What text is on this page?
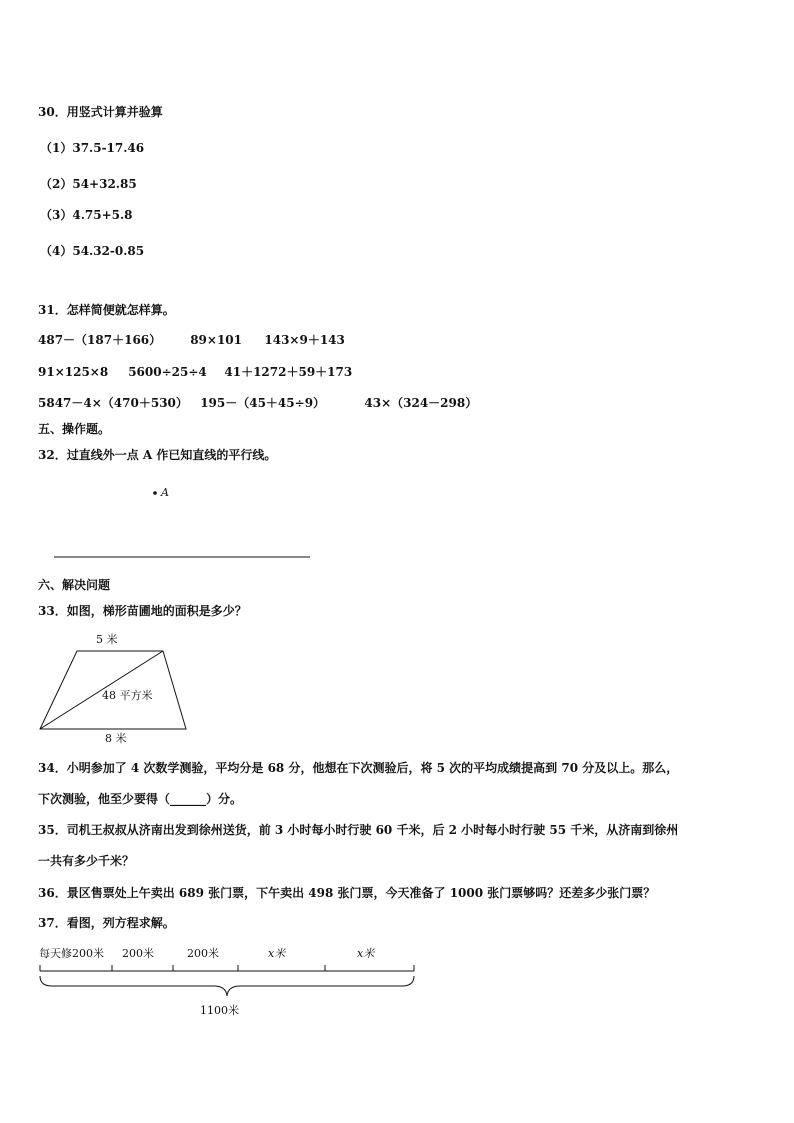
30．用竖式计算并验算
（1）37.5-17.46
（2）54+32.85
（3）4.75+5.8
（4）54.32-0.85
31．怎样简便就怎样算。
487－（187＋166） 89×101 143×9＋143
91×125×8 5600÷25÷4 41＋1272＋59＋173
5847－4×（470＋530） 195－（45＋45÷9）	43×（324－298）
五、操作题。
32．过直线外一点 A 作已知直线的平行线。
A
六、解决问题
33．如图，梯形苗圃地的面积是多少？
5 米
48 平方米
8 米
34．小明参加了 4 次数学测验，平均分是 68 分，他想在下次测验后，将 5 次的平均成绩提高到 70 分及以上。那么，
下次测验，他至少要得（______）分。
35．司机王叔叔从济南出发到徐州送货，前 3 小时每小时行驶 60 千米，后 2 小时每小时行驶 55 千米，从济南到徐州
一共有多少千米？
36．景区售票处上午卖出 689 张门票，下午卖出 498 张门票，今天准备了 1000 张门票够吗？还差多少张门票？
37．看图，列方程求解。
每天修200米 200米	200米	x米	x米
1100米
